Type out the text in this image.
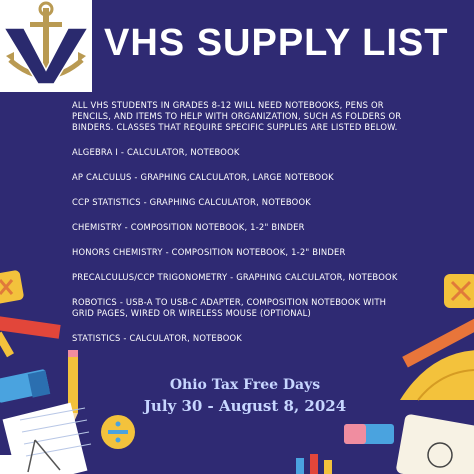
VHS SUPPLY LIST
ALL VHS STUDENTS IN GRADES 8-12 WILL NEED NOTEBOOKS, PENS OR PENCILS, AND ITEMS TO HELP WITH ORGANIZATION, SUCH AS FOLDERS OR BINDERS. CLASSES THAT REQUIRE SPECIFIC SUPPLIES ARE LISTED BELOW.
ALGEBRA I - CALCULATOR, NOTEBOOK
AP CALCULUS - GRAPHING CALCULATOR, LARGE NOTEBOOK
CCP STATISTICS - GRAPHING CALCULATOR, NOTEBOOK
CHEMISTRY - COMPOSITION NOTEBOOK, 1-2" BINDER
HONORS CHEMISTRY - COMPOSITION NOTEBOOK, 1-2" BINDER
PRECALCULUS/CCP TRIGONOMETRY - GRAPHING CALCULATOR, NOTEBOOK
ROBOTICS - USB-A TO USB-C ADAPTER, COMPOSITION NOTEBOOK WITH GRID PAGES, WIRED OR WIRELESS MOUSE (OPTIONAL)
STATISTICS - CALCULATOR, NOTEBOOK
Ohio Tax Free Days
July 30 - August 8, 2024
